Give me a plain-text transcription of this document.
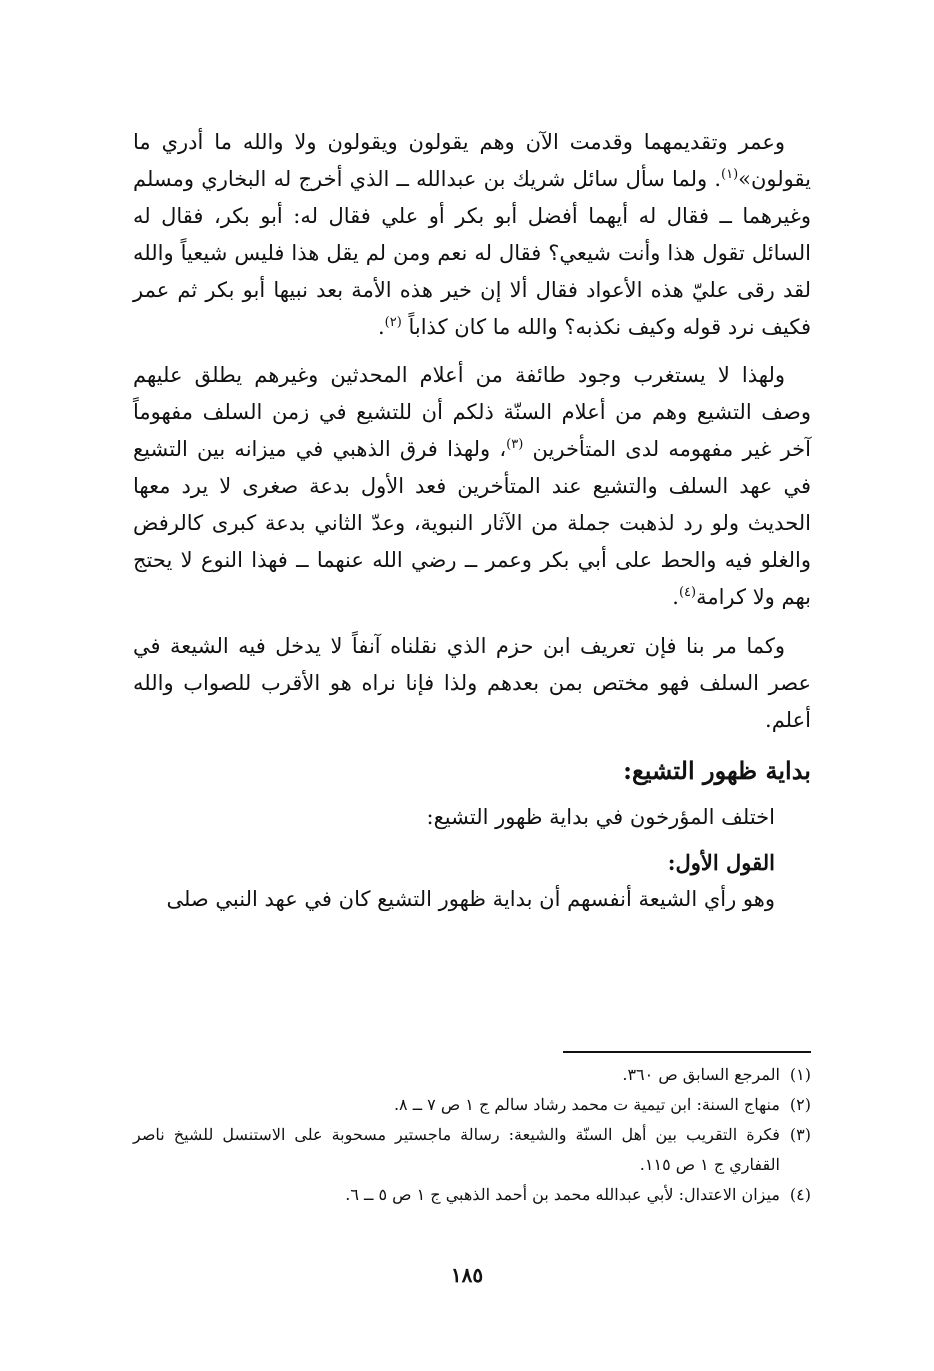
وعمر وتقديمهما وقدمت الآن وهم يقولون ويقولون ولا والله ما أدري ما يقولون»$^{(١)}$. ولما سأل سائل شريك بن عبدالله ــ الذي أخرج له البخاري ومسلم وغيرهما ــ فقال له أيهما أفضل أبو بكر أو علي فقال له: أبو بكر، فقال له السائل تقول هذا وأنت شيعي؟ فقال له نعم ومن لم يقل هذا فليس شيعياً والله لقد رقى عليّ هذه الأعواد فقال ألا إن خير هذه الأمة بعد نبيها أبو بكر ثم عمر فكيف نرد قوله وكيف نكذبه؟ والله ما كان كذاباً $^{(٢)}$.

ولهذا لا يستغرب وجود طائفة من أعلام المحدثين وغيرهم يطلق عليهم وصف التشيع وهم من أعلام السنّة ذلكم أن للتشيع في زمن السلف مفهوماً آخر غير مفهومه لدى المتأخرين $^{(٣)}$، ولهذا فرق الذهبي في ميزانه بين التشيع في عهد السلف والتشيع عند المتأخرين فعد الأول بدعة صغرى لا يرد معها الحديث ولو رد لذهبت جملة من الآثار النبوية، وعدّ الثاني بدعة كبرى كالرفض والغلو فيه والحط على أبي بكر وعمر ــ رضي الله عنهما ــ فهذا النوع لا يحتج بهم ولا كرامة$^{(٤)}$.

وكما مر بنا فإن تعريف ابن حزم الذي نقلناه آنفاً لا يدخل فيه الشيعة في عصر السلف فهو مختص بمن بعدهم ولذا فإنا نراه هو الأقرب للصواب والله أعلم.

بداية ظهور التشيع:

اختلف المؤرخون في بداية ظهور التشيع:

القول الأول:

وهو رأي الشيعة أنفسهم أن بداية ظهور التشيع كان في عهد النبي صلى

(١)
المرجع السابق ص ٣٦٠.
(٢)
منهاج السنة: ابن تيمية ت محمد رشاد سالم ج ١ ص ٧ ــ ٨.
(٣)
فكرة التقريب بين أهل السنّة والشيعة: رسالة ماجستير مسحوبة على الاستنسل للشيخ ناصر القفاري ج ١ ص ١١٥.
(٤)
ميزان الاعتدال: لأبي عبدالله محمد بن أحمد الذهبي ج ١ ص ٥ ــ ٦.
١٨٥
